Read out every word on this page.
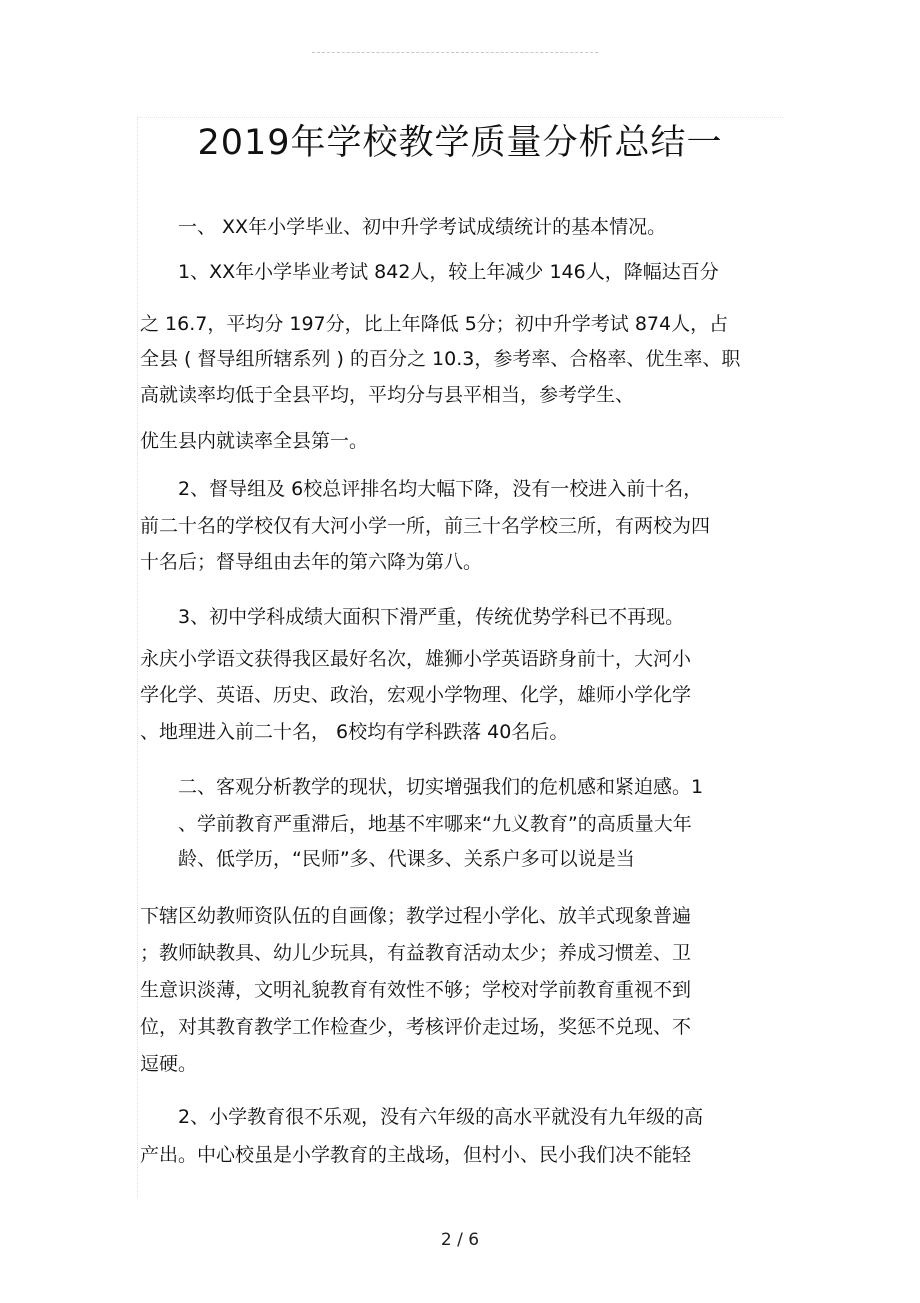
2019年学校教学质量分析总结一

　　一、 XX年小学毕业、初中升学考试成绩统计的基本情况。

　　1、XX年小学毕业考试 842人，较上年减少 146人，降幅达百分

之 16.7，平均分 197分，比上年降低 5分；初中升学考试 874人，占

全县 ( 督导组所辖系列 ) 的百分之 10.3，参考率、合格率、优生率、职

高就读率均低于全县平均，平均分与县平相当，参考学生、

优生县内就读率全县第一。

　　2、督导组及 6校总评排名均大幅下降，没有一校进入前十名，

前二十名的学校仅有大河小学一所，前三十名学校三所，有两校为四

十名后；督导组由去年的第六降为第八。

　　3、初中学科成绩大面积下滑严重，传统优势学科已不再现。

永庆小学语文获得我区最好名次，雄狮小学英语跻身前十，大河小

学化学、英语、历史、政治，宏观小学物理、化学，雄师小学化学

、地理进入前二十名， 6校均有学科跌落 40名后。

　　二、客观分析教学的现状，切实增强我们的危机感和紧迫感。1

　　、学前教育严重滞后，地基不牢哪来“九义教育”的高质量大年

　　龄、低学历，“民师”多、代课多、关系户多可以说是当

下辖区幼教师资队伍的自画像；教学过程小学化、放羊式现象普遍

；教师缺教具、幼儿少玩具，有益教育活动太少；养成习惯差、卫

生意识淡薄，文明礼貌教育有效性不够；学校对学前教育重视不到

位，对其教育教学工作检查少，考核评价走过场，奖惩不兑现、不

逗硬。

　　2、小学教育很不乐观，没有六年级的高水平就没有九年级的高

产出。中心校虽是小学教育的主战场，但村小、民小我们决不能轻

2 / 6
